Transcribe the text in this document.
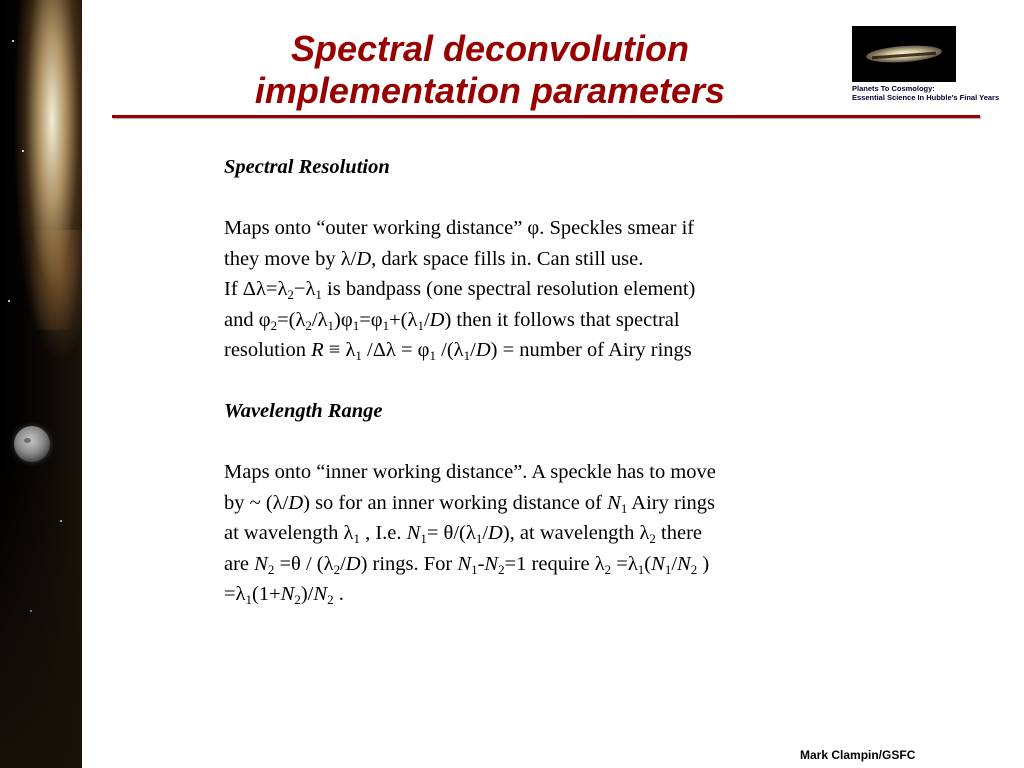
Spectral deconvolution
implementation parameters	Planets To Cosmology:
Essential Science In Hubble's Final Years

Spectral Resolution

Maps onto “outer working distance” φ. Speckles smear if
they move by λ/D, dark space fills in. Can still use.
If $\Delta\lambda=\lambda_2-\lambda_1$ is bandpass (one spectral resolution element)
and $\varphi_2=(\lambda_2/\lambda_1)\varphi_1=\varphi_1+(\lambda_1/D)$ then it follows that spectral
resolution $R \equiv \lambda_1$ $/\Delta\lambda = \varphi_1$ $/(\lambda_1/D)$ = number of Airy rings

Wavelength Range

Maps onto “inner working distance”. A speckle has to move
by ~ (λ/D) so for an inner working distance of $N_1$ Airy rings
at wavelength $\lambda_1$ , I.e. $N_1= \theta/(\lambda_1/D)$, at wavelength $\lambda_2$ there
are $N_2 =\theta / (\lambda_2/D)$ rings. For $N_1-N_2=1$ require $\lambda_2 =\lambda_1(N_1/N_2$ )
$=\lambda_1(1+N_2)/N_2$ .

Mark Clampin/GSFC
